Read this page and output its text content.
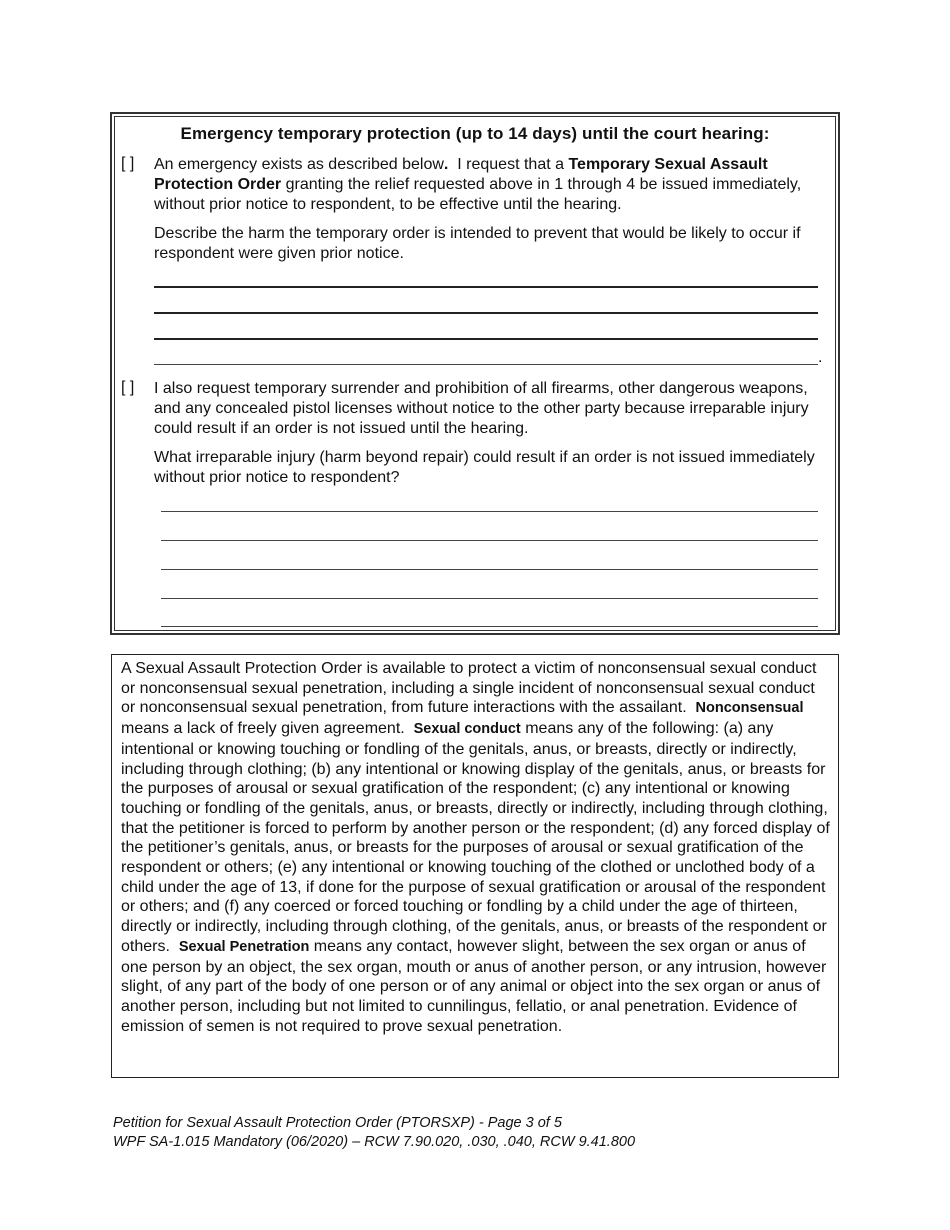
Emergency temporary protection (up to 14 days) until the court hearing:
[ ]	An emergency exists as described below.  I request that a Temporary Sexual Assault Protection Order granting the relief requested above in 1 through 4 be issued immediately, without prior notice to respondent, to be effective until the hearing.

Describe the harm the temporary order is intended to prevent that would be likely to occur if respondent were given prior notice.

.
[ ]	I also request temporary surrender and prohibition of all firearms, other dangerous weapons, and any concealed pistol licenses without notice to the other party because irreparable injury could result if an order is not issued until the hearing.

What irreparable injury (harm beyond repair) could result if an order is not issued immediately without prior notice to respondent?

A Sexual Assault Protection Order is available to protect a victim of nonconsensual sexual conduct or nonconsensual sexual penetration, including a single incident of nonconsensual sexual conduct or nonconsensual sexual penetration, from future interactions with the assailant.  Nonconsensual means a lack of freely given agreement.  Sexual conduct means any of the following: (a) any intentional or knowing touching or fondling of the genitals, anus, or breasts, directly or indirectly, including through clothing; (b) any intentional or knowing display of the genitals, anus, or breasts for the purposes of arousal or sexual gratification of the respondent; (c) any intentional or knowing touching or fondling of the genitals, anus, or breasts, directly or indirectly, including through clothing, that the petitioner is forced to perform by another person or the respondent; (d) any forced display of the petitioner’s genitals, anus, or breasts for the purposes of arousal or sexual gratification of the respondent or others; (e) any intentional or knowing touching of the clothed or unclothed body of a child under the age of 13, if done for the purpose of sexual gratification or arousal of the respondent or others; and (f) any coerced or forced touching or fondling by a child under the age of thirteen, directly or indirectly, including through clothing, of the genitals, anus, or breasts of the respondent or others.  Sexual Penetration means any contact, however slight, between the sex organ or anus of one person by an object, the sex organ, mouth or anus of another person, or any intrusion, however slight, of any part of the body of one person or of any animal or object into the sex organ or anus of another person, including but not limited to cunnilingus, fellatio, or anal penetration. Evidence of emission of semen is not required to prove sexual penetration.

Petition for Sexual Assault Protection Order (PTORSXP) - Page 3 of 5
WPF SA-1.015 Mandatory (06/2020) – RCW 7.90.020, .030, .040, RCW 9.41.800
